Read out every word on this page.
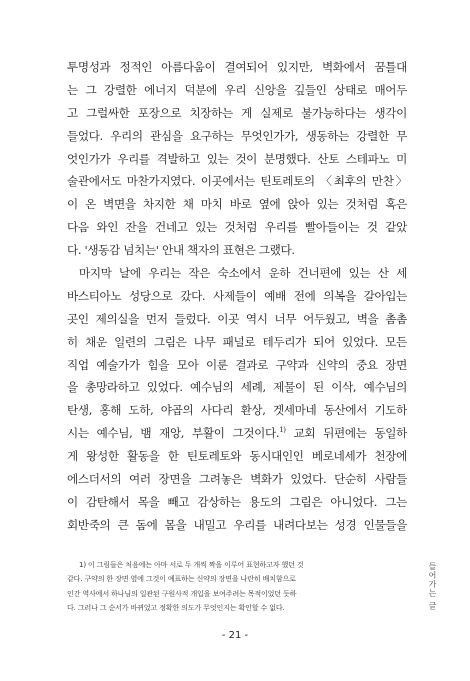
투명성과 정적인 아름다움이 결여되어 있지만, 벽화에서 꿈틀대
는 그 강렬한 에너지 덕분에 우리 신앙을 깊들인 상태로 매어두
고 그럴싸한 포장으로 치장하는 게 실제로 불가능하다는 생각이
들었다. 우리의 관심을 요구하는 무엇인가가, 생동하는 강렬한 무
엇인가가 우리를 격발하고 있는 것이 분명했다. 산토 스테파노 미
술관에서도 마찬가지였다. 이곳에서는 틴토레토의 〈최후의 만찬〉
이 온 벽면을 차지한 채 마치 바로 옆에 앉아 있는 것처럼 혹은
다음 와인 잔을 건네고 있는 것처럼 우리를 빨아들이는 것 같았
다. '생동감 넘치는' 안내 책자의 표현은 그랬다.
마지막 날에 우리는 작은 숙소에서 운하 건너편에 있는 산 세
바스티아노 성당으로 갔다. 사제들이 예배 전에 의복을 갈아입는
곳인 제의실을 먼저 들렀다. 이곳 역시 너무 어두웠고, 벽을 촘촘
히 채운 일련의 그림은 나무 패널로 테두리가 되어 있었다. 모든
직업 예술가가 힘을 모아 이룬 결과로 구약과 신약의 중요 장면
을 총망라하고 있었다. 예수님의 세례, 제물이 된 이삭, 예수님의
탄생, 홍해 도하, 야곱의 사다리 환상, 겟세마네 동산에서 기도하
시는 예수님, 뱀 재앙, 부활이 그것이다.$^{1)}$ 교회 뒤편에는 동일하
게 왕성한 활동을 한 틴토레토와 동시대인인 베로네세가 천장에
에스더서의 여러 장면을 그려놓은 벽화가 있었다. 단순히 사람들
이 감탄해서 목을 빼고 감상하는 용도의 그림은 아니었다. 그는
회반죽의 큰 돔에 몸을 내밀고 우리를 내려다보는 성경 인물들을
1) 이 그림들은 처음에는 아마 서로 두 개씩 짝을 이루어 표현하고자 했던 것
같다. 구약의 한 장면 옆에 그것이 예표하는 신약의 장면을 나란히 배치함으로
인간 역사에서 하나님의 일관된 구원사적 개입을 보여주려는 목적이었던 듯하
다. 그러나 그 순서가 바뀌었고 정확한 의도가 무엇인지는 확인할 수 없다.	들어가는 글
- 21 -
